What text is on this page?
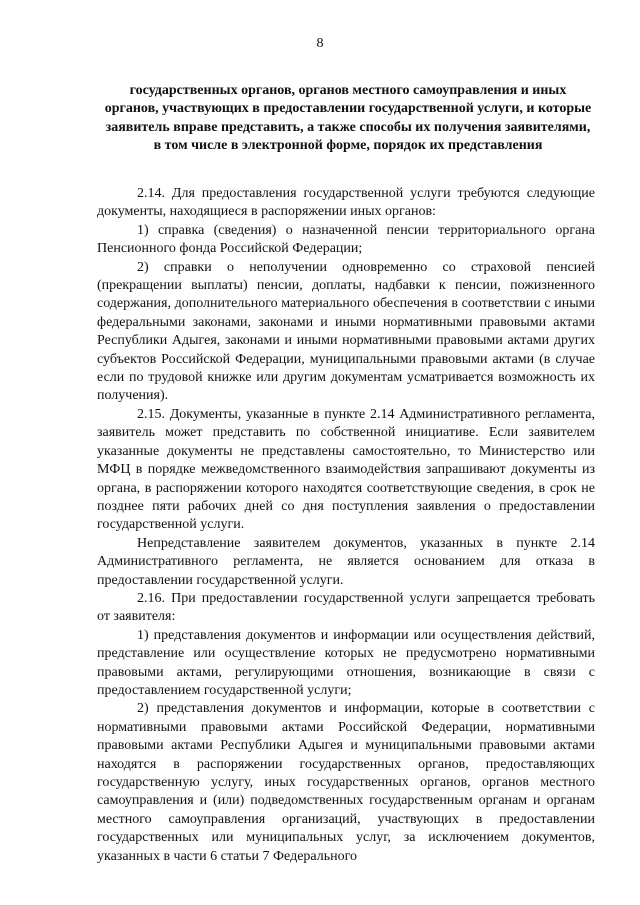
8
государственных органов, органов местного самоуправления и иных органов, участвующих в предоставлении государственной услуги, и которые заявитель вправе представить, а также способы их получения заявителями, в том числе в электронной форме, порядок их представления

2.14. Для предоставления государственной услуги требуются следующие документы, находящиеся в распоряжении иных органов:

1) справка (сведения) о назначенной пенсии территориального органа Пенсионного фонда Российской Федерации;

2) справки о неполучении одновременно со страховой пенсией (прекращении выплаты) пенсии, доплаты, надбавки к пенсии, пожизненного содержания, дополнительного материального обеспечения в соответствии с иными федеральными законами, законами и иными нормативными правовыми актами Республики Адыгея, законами и иными нормативными правовыми актами других субъектов Российской Федерации, муниципальными правовыми актами (в случае если по трудовой книжке или другим документам усматривается возможность их получения).

2.15. Документы, указанные в пункте 2.14 Административного регламента, заявитель может представить по собственной инициативе. Если заявителем указанные документы не представлены самостоятельно, то Министерство или МФЦ в порядке межведомственного взаимодействия запрашивают документы из органа, в распоряжении которого находятся соответствующие сведения, в срок не позднее пяти рабочих дней со дня поступления заявления о предоставлении государственной услуги.

Непредставление заявителем документов, указанных в пункте 2.14 Административного регламента, не является основанием для отказа в предоставлении государственной услуги.

2.16. При предоставлении государственной услуги запрещается требовать от заявителя:

1) представления документов и информации или осуществления действий, представление или осуществление которых не предусмотрено нормативными правовыми актами, регулирующими отношения, возникающие в связи с предоставлением государственной услуги;

2) представления документов и информации, которые в соответствии с нормативными правовыми актами Российской Федерации, нормативными правовыми актами Республики Адыгея и муниципальными правовыми актами находятся в распоряжении государственных органов, предоставляющих государственную услугу, иных государственных органов, органов местного самоуправления и (или) подведомственных государственным органам и органам местного самоуправления организаций, участвующих в предоставлении государственных или муниципальных услуг, за исключением документов, указанных в части 6 статьи 7 Федерального
